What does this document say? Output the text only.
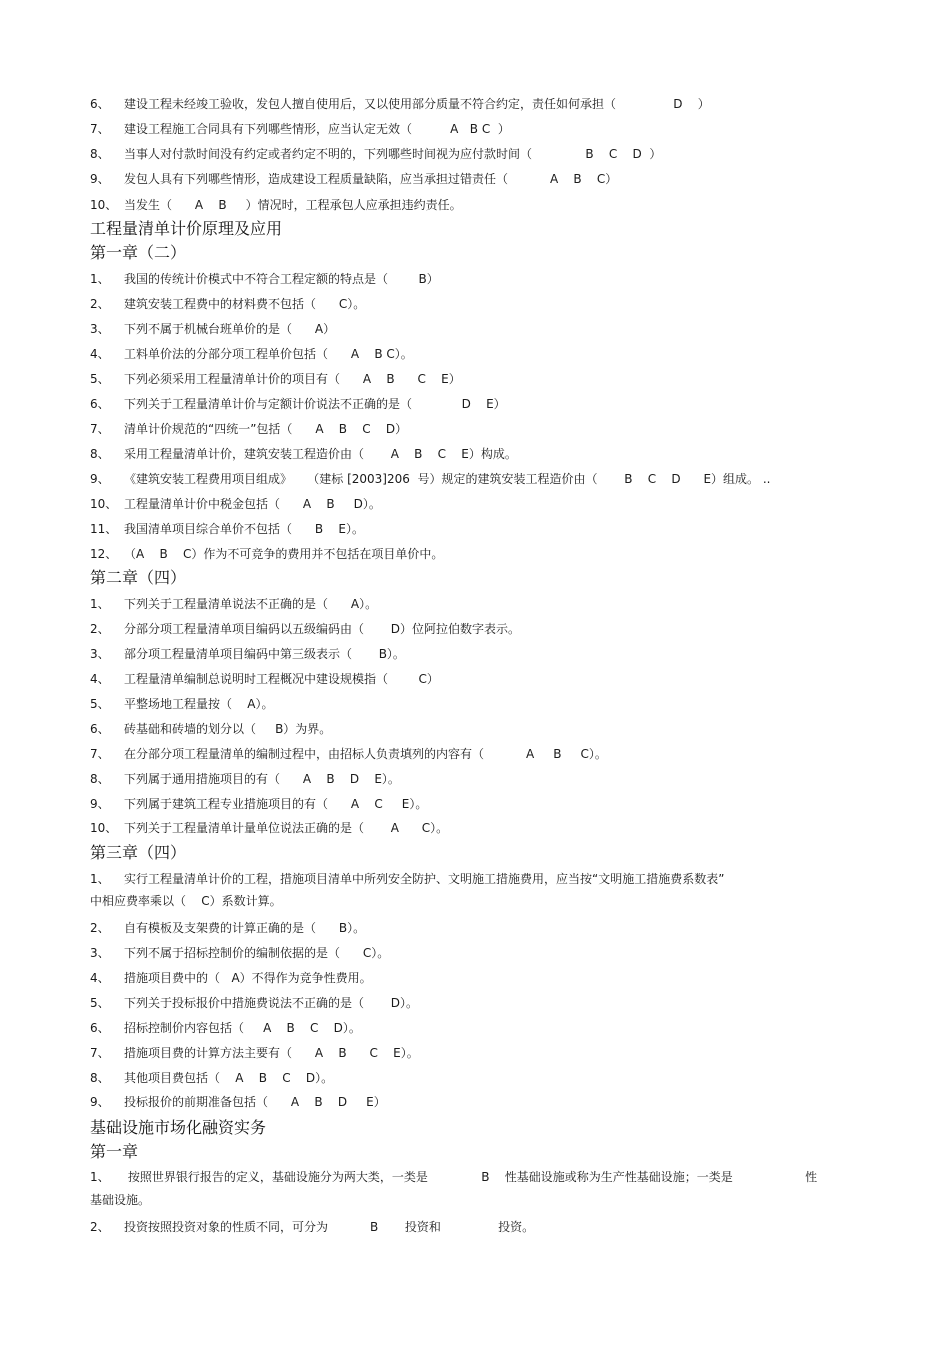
6、 建设工程未经竣工验收，发包人擅自使用后，又以使用部分质量不符合约定，责任如何承担（               D    ）
7、 建设工程施工合同具有下列哪些情形，应当认定无效（          A   B C  ）
8、 当事人对付款时间没有约定或者约定不明的，下列哪些时间视为应付款时间（              B    C    D  ）
9、 发包人具有下列哪些情形，造成建设工程质量缺陷，应当承担过错责任（           A    B    C）
10、 当发生（      A    B     ）情况时，工程承包人应承担违约责任。
工程量清单计价原理及应用
第一章（二）
1、 我国的传统计价模式中不符合工程定额的特点是（        B）
2、 建筑安装工程费中的材料费不包括（      C）。
3、 下列不属于机械台班单价的是（      A）
4、 工料单价法的分部分项工程单价包括（      A    B C）。
5、 下列必须采用工程量清单计价的项目有（      A    B      C    E）
6、 下列关于工程量清单计价与定额计价说法不正确的是（             D    E）
7、 清单计价规范的“四统一”包括（      A    B    C    D）
8、 采用工程量清单计价，建筑安装工程造价由（       A    B    C    E）构成。
9、 《建筑安装工程费用项目组成》    （建标 [2003]206  号）规定的建筑安装工程造价由（       B    C    D      E）组成。 ..
10、 工程量清单计价中税金包括（      A    B     D）。
11、 我国清单项目综合单价不包括（      B    E）。
12、 （A    B    C）作为不可竞争的费用并不包括在项目单价中。
第二章（四）
1、 下列关于工程量清单说法不正确的是（      A）。
2、 分部分项工程量清单项目编码以五级编码由（       D）位阿拉伯数字表示。
3、 部分项工程量清单项目编码中第三级表示（       B）。
4、 工程量清单编制总说明时工程概况中建设规模指（        C）
5、 平整场地工程量按（    A）。
6、 砖基础和砖墙的划分以（     B）为界。
7、 在分部分项工程量清单的编制过程中，由招标人负责填列的内容有（           A     B     C）。
8、 下列属于通用措施项目的有（      A    B    D    E）。
9、 下列属于建筑工程专业措施项目的有（      A    C     E）。
10、 下列关于工程量清单计量单位说法正确的是（       A      C）。
第三章（四）
1、 实行工程量清单计价的工程，措施项目清单中所列安全防护、文明施工措施费用，应当按“文明施工措施费系数表”
中相应费率乘以（    C）系数计算。
2、 自有模板及支架费的计算正确的是（      B）。
3、 下列不属于招标控制价的编制依据的是（      C）。
4、 措施项目费中的（   A）不得作为竞争性费用。
5、 下列关于投标报价中措施费说法不正确的是（       D）。
6、 招标控制价内容包括（     A    B    C    D）。
7、 措施项目费的计算方法主要有（      A    B      C    E）。
8、 其他项目费包括（    A    B    C    D）。
9、 投标报价的前期准备包括（      A    B    D     E）
基础设施市场化融资实务
第一章
1、 按照世界银行报告的定义，基础设施分为两大类，一类是              B    性基础设施或称为生产性基础设施；一类是                   性
基础设施。
2、 投资按照投资对象的性质不同，可分为           B       投资和               投资。
